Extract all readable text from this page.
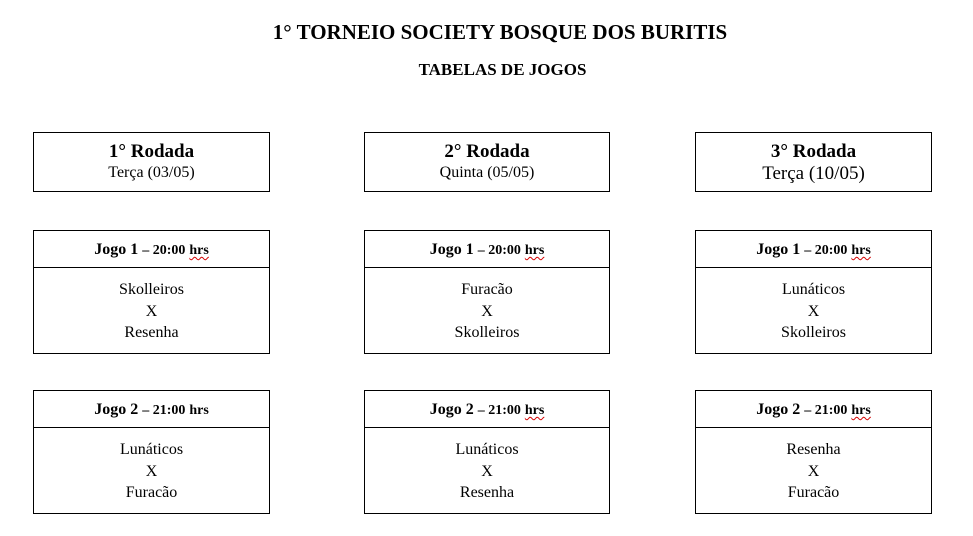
1° TORNEIO SOCIETY BOSQUE DOS BURITIS
TABELAS DE JOGOS
1° Rodada
Terça (03/05)
Jogo 1 – 20:00 hrs
Skolleiros
X
Resenha
Jogo 2 – 21:00 hrs
Lunáticos
X
Furacão
2° Rodada
Quinta (05/05)
Jogo 1 – 20:00 hrs
Furacão
X
Skolleiros
Jogo 2 – 21:00 hrs
Lunáticos
X
Resenha
3° Rodada
Terça (10/05)
Jogo 1 – 20:00 hrs
Lunáticos
X
Skolleiros
Jogo 2 – 21:00 hrs
Resenha
X
Furacão
